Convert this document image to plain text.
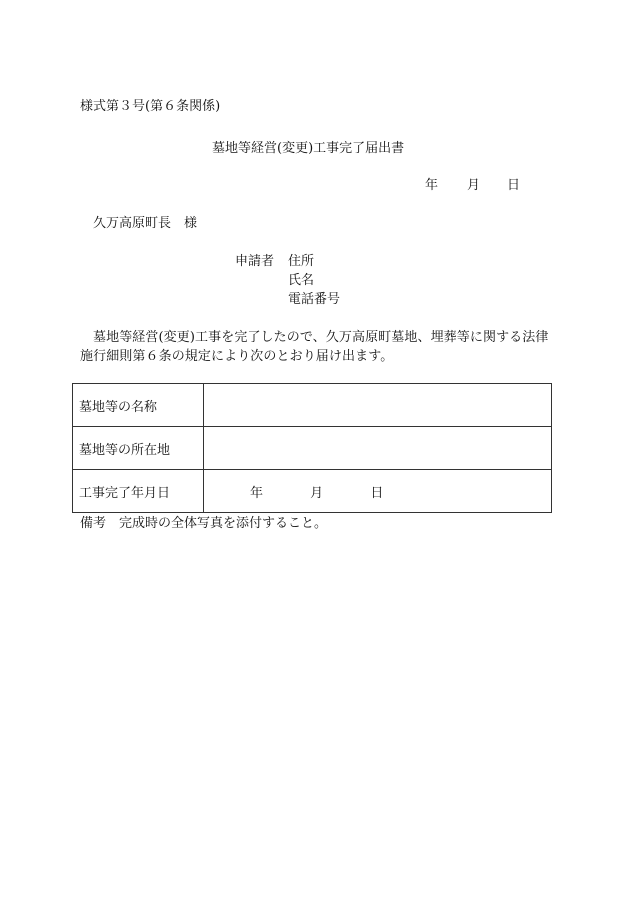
様式第３号(第６条関係)
墓地等経営(変更)工事完了届出書
年 月 日
久万高原町長　様
申請者 住所
氏名
電話番号
墓地等経営(変更)工事を完了したので、久万高原町墓地、埋葬等に関する法律施行細則第６条の規定により次のとおり届け出ます。
墓地等の名称	
墓地等の所在地	
工事完了年月日	年 月 日
備考　完成時の全体写真を添付すること。
